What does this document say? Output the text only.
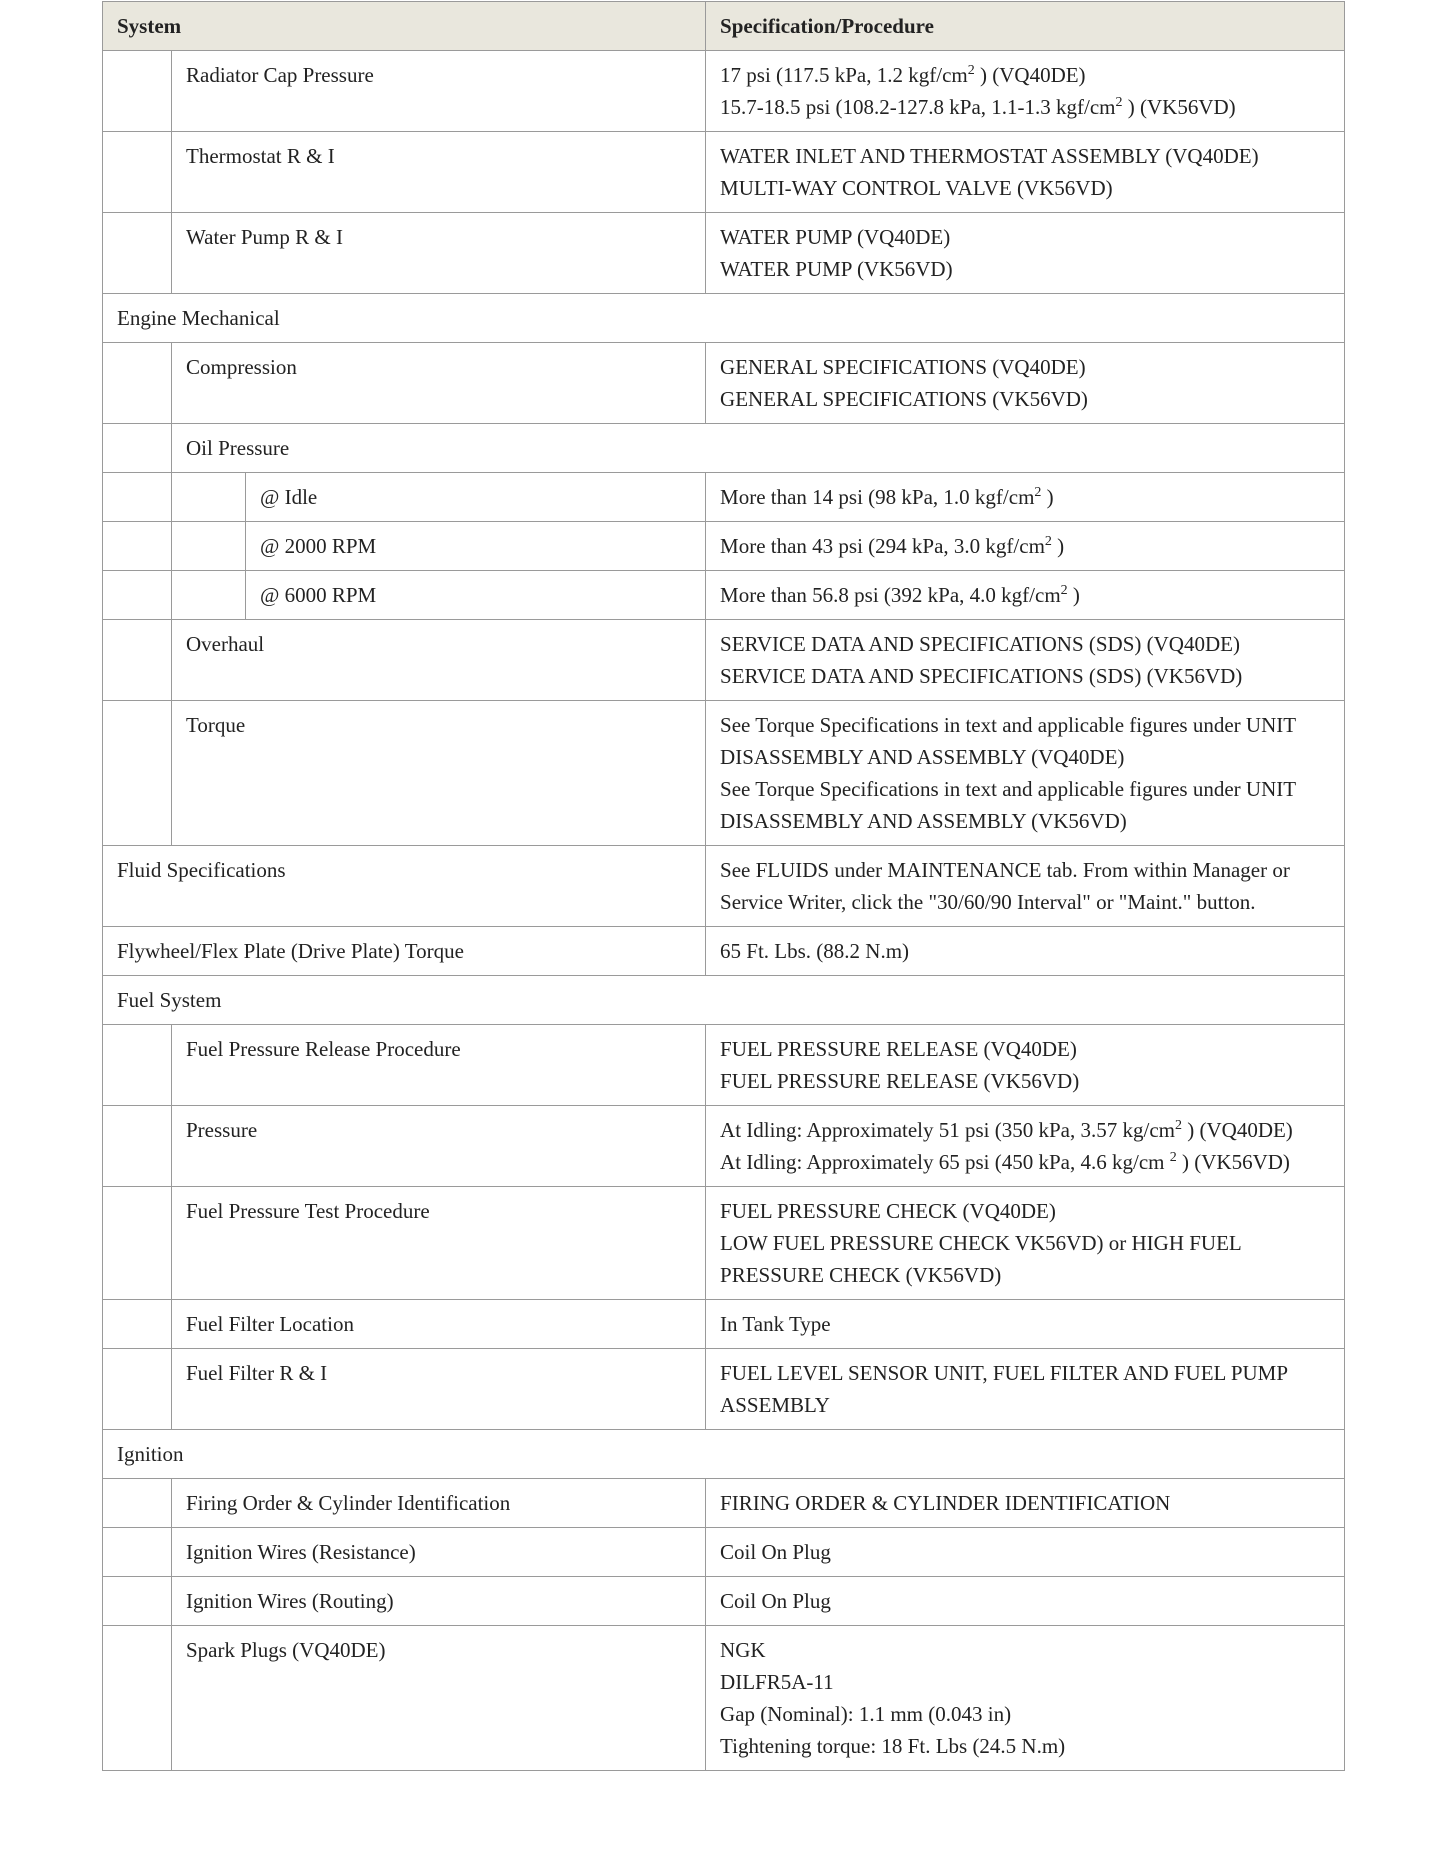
System			Specification/Procedure
	Radiator Cap Pressure		17 psi (117.5 kPa, 1.2 kgf/$cm^2$ ) (VQ40DE)
15.7-18.5 psi (108.2-127.8 kPa, 1.1-1.3 kgf/$cm^2$ ) (VK56VD)

	Thermostat R & I		WATER INLET AND THERMOSTAT ASSEMBLY (VQ40DE)
MULTI-WAY CONTROL VALVE (VK56VD)

	Water Pump R & I		WATER PUMP (VQ40DE)
WATER PUMP (VK56VD)

Engine Mechanical			
	Compression		GENERAL SPECIFICATIONS (VQ40DE)
GENERAL SPECIFICATIONS (VK56VD)

	Oil Pressure		
		@ Idle	More than 14 psi (98 kPa, 1.0 kgf/$cm^2$ )

		@ 2000 RPM	More than 43 psi (294 kPa, 3.0 kgf/$cm^2$ )

		@ 6000 RPM	More than 56.8 psi (392 kPa, 4.0 kgf/$cm^2$ )

	Overhaul		SERVICE DATA AND SPECIFICATIONS (SDS) (VQ40DE)
SERVICE DATA AND SPECIFICATIONS (SDS) (VK56VD)

	Torque		See Torque Specifications in text and applicable figures under UNIT DISASSEMBLY AND ASSEMBLY (VQ40DE)
See Torque Specifications in text and applicable figures under UNIT DISASSEMBLY AND ASSEMBLY (VK56VD)

Fluid Specifications			See FLUIDS under MAINTENANCE tab. From within Manager or Service Writer, click the "30/60/90 Interval" or "Maint." button.

Flywheel/Flex Plate (Drive Plate) Torque			65 Ft. Lbs. (88.2 N.m)

Fuel System			
	Fuel Pressure Release Procedure		FUEL PRESSURE RELEASE (VQ40DE)
FUEL PRESSURE RELEASE (VK56VD)

	Pressure		At Idling: Approximately 51 psi (350 kPa, 3.57 $kg/cm^2$ ) (VQ40DE)
At Idling: Approximately 65 psi (450 kPa, 4.6 kg/cm $^2$ ) (VK56VD)

	Fuel Pressure Test Procedure		FUEL PRESSURE CHECK (VQ40DE)
LOW FUEL PRESSURE CHECK VK56VD) or HIGH FUEL PRESSURE CHECK (VK56VD)

	Fuel Filter Location		In Tank Type

	Fuel Filter R & I		FUEL LEVEL SENSOR UNIT, FUEL FILTER AND FUEL PUMP ASSEMBLY

Ignition			
	Firing Order & Cylinder Identification		FIRING ORDER & CYLINDER IDENTIFICATION

	Ignition Wires (Resistance)		Coil On Plug

	Ignition Wires (Routing)		Coil On Plug

	Spark Plugs (VQ40DE)		NGK
DILFR5A-11
Gap (Nominal): 1.1 mm (0.043 in)
Tightening torque: 18 Ft. Lbs (24.5 N.m)
